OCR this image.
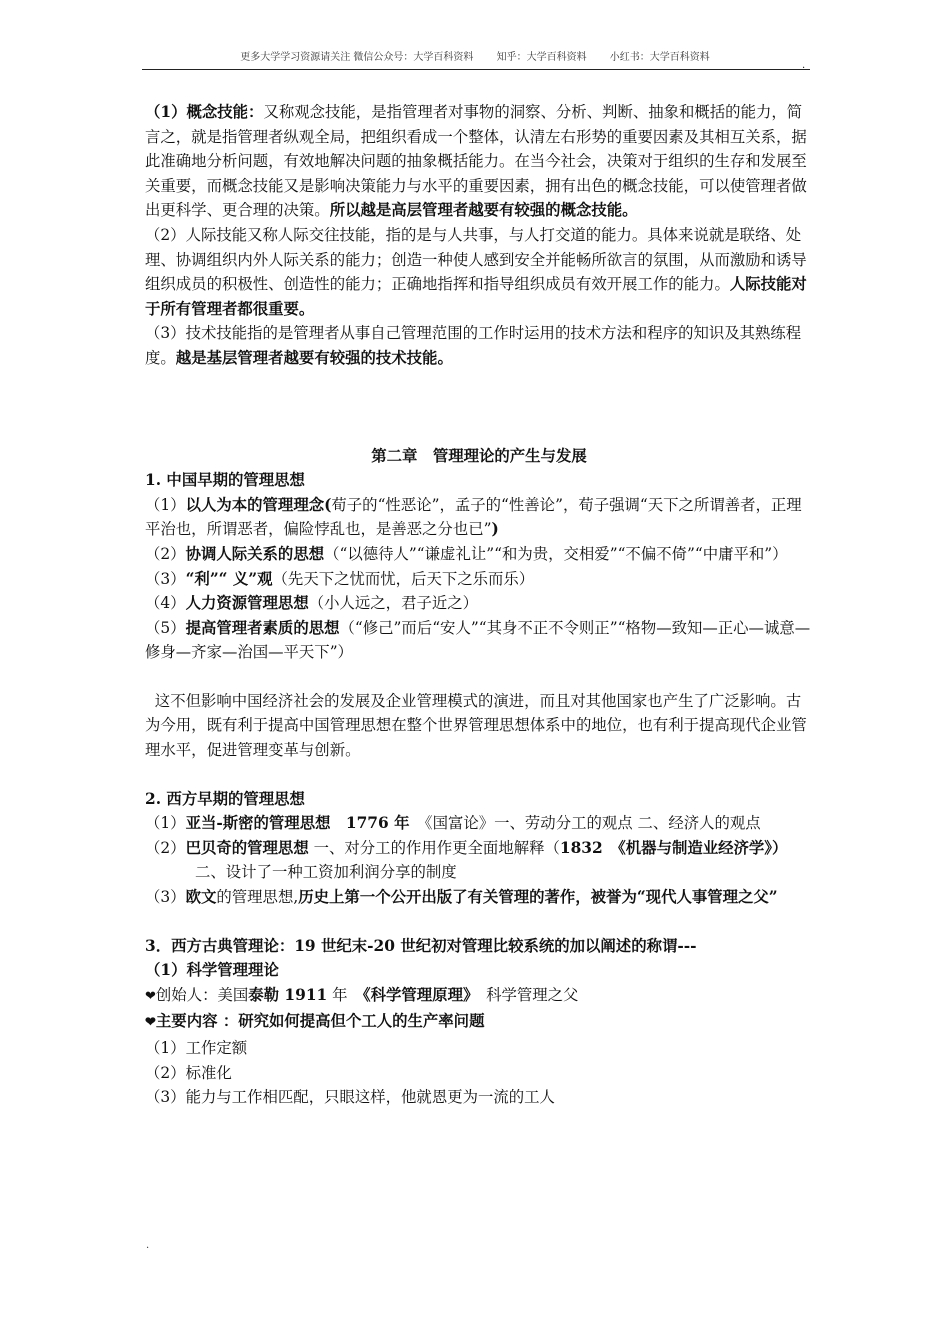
更多大学学习资源请关注 微信公众号：大学百科资料 知乎：大学百科资料 小红书：大学百科资料
.

（1）概念技能：又称观念技能，是指管理者对事物的洞察、分析、判断、抽象和概括的能力，简言之，就是指管理者纵观全局，把组织看成一个整体，认清左右形势的重要因素及其相互关系，据此准确地分析问题，有效地解决问题的抽象概括能力。在当今社会，决策对于组织的生存和发展至关重要，而概念技能又是影响决策能力与水平的重要因素，拥有出色的概念技能，可以使管理者做出更科学、更合理的决策。所以越是高层管理者越要有较强的概念技能。

（2）人际技能又称人际交往技能，指的是与人共事，与人打交道的能力。具体来说就是联络、处理、协调组织内外人际关系的能力；创造一种使人感到安全并能畅所欲言的氛围，从而激励和诱导组织成员的积极性、创造性的能力；正确地指挥和指导组织成员有效开展工作的能力。人际技能对于所有管理者都很重要。

（3）技术技能指的是管理者从事自己管理范围的工作时运用的技术方法和程序的知识及其熟练程度。越是基层管理者越要有较强的技术技能。

第二章　管理理论的产生与发展

1. 中国早期的管理思想

（1）以人为本的管理理念(荀子的“性恶论”，孟子的“性善论”，荀子强调“天下之所谓善者，正理平治也，所谓恶者，偏险悖乱也，是善恶之分也已”)

（2）协调人际关系的思想（“以德待人”“谦虚礼让”“和为贵，交相爱”“不偏不倚”“中庸平和”）

（3）“利”“ 义”观（先天下之忧而忧，后天下之乐而乐）

（4）人力资源管理思想（小人远之，君子近之）

（5）提高管理者素质的思想（“修己”而后“安人”“其身不正不令则正”“格物—致知—正心—诚意—修身—齐家—治国—平天下”）

这不但影响中国经济社会的发展及企业管理模式的演进，而且对其他国家也产生了广泛影响。古为今用，既有利于提高中国管理思想在整个世界管理思想体系中的地位，也有利于提高现代企业管理水平，促进管理变革与创新。

2. 西方早期的管理思想

（1）亚当-斯密的管理思想　1776 年　 《国富论》一、劳动分工的观点 二、经济人的观点

（2）巴贝奇的管理思想 一、对分工的作用作更全面地解释（1832　《机器与制造业经济学》）

二、设计了一种工资加利润分享的制度

（3）欧文的管理思想,历史上第一个公开出版了有关管理的著作，被誉为“现代人事管理之父”

3．西方古典管理论：19 世纪末-20 世纪初对管理比较系统的加以阐述的称谓---

（1）科学管理理论

❤创始人：美国泰勒 1911 年　《科学管理原理》　科学管理之父

❤主要内容 ：研究如何提高但个工人的生产率问题

（1）工作定额

（2）标准化

（3）能力与工作相匹配，只眼这样，他就恩更为一流的工人

.
